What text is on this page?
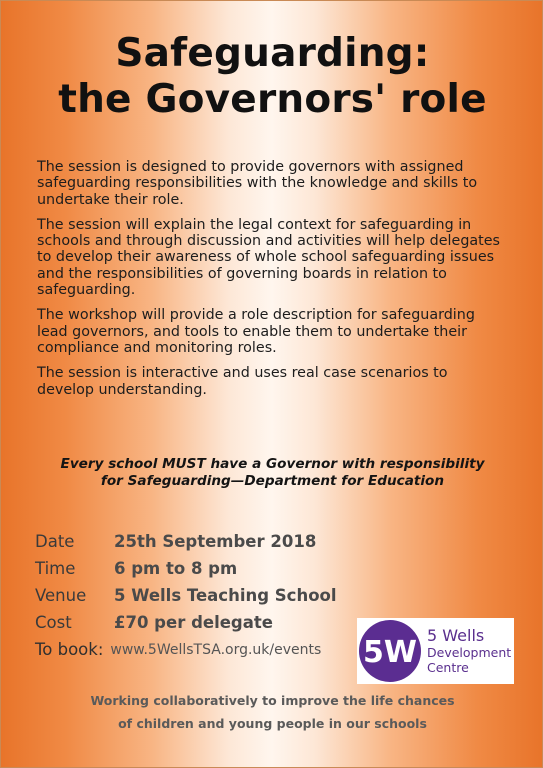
Safeguarding:
the Governors' role

The session is designed to provide governors with assigned safeguarding responsibilities with the knowledge and skills to undertake their role.

The session will explain the legal context for safeguarding in schools and through discussion and activities will help delegates to develop their awareness of whole school safeguarding issues and the responsibilities of governing boards in relation to safeguarding.

The workshop will provide a role description for safeguarding lead governors, and tools to enable them to undertake their compliance and monitoring roles.

The session is interactive and uses real case scenarios to develop understanding.

Every school MUST have a Governor with responsibility
for Safeguarding—Department for Education
Date	25th September 2018
Time	6 pm to 8 pm
Venue	5 Wells Teaching School
Cost	£70 per delegate
To book: www.5WellsTSA.org.uk/events 5W 5 Wells
Development
Centre
Working collaboratively to improve the life chances
of children and young people in our schools
